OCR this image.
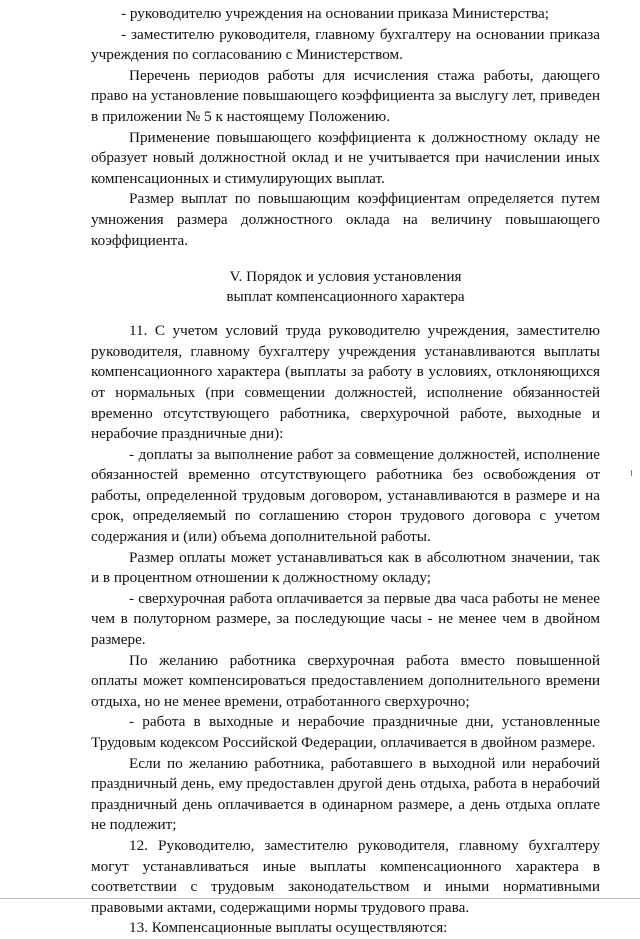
- руководителю учреждения на основании приказа Министерства;

- заместителю руководителя, главному бухгалтеру на основании приказа учреждения по согласованию с Министерством.

Перечень периодов работы для исчисления стажа работы, дающего право на установление повышающего коэффициента за выслугу лет, приведен в приложении № 5 к настоящему Положению.

Применение повышающего коэффициента к должностному окладу не образует новый должностной оклад и не учитывается при начислении иных компенсационных и стимулирующих выплат.

Размер выплат по повышающим коэффициентам определяется путем умножения размера должностного оклада на величину повышающего коэффициента.

V. Порядок и условия установления
выплат компенсационного характера

11. С учетом условий труда руководителю учреждения, заместителю руководителя, главному бухгалтеру учреждения устанавливаются выплаты компенсационного характера (выплаты за работу в условиях, отклоняющихся от нормальных (при совмещении должностей, исполнение обязанностей временно отсутствующего работника, сверхурочной работе, выходные и нерабочие праздничные дни):

- доплаты за выполнение работ за совмещение должностей, исполнение обязанностей временно отсутствующего работника без освобождения от работы, определенной трудовым договором, устанавливаются в размере и на срок, определяемый по соглашению сторон трудового договора с учетом содержания и (или) объема дополнительной работы.

Размер оплаты может устанавливаться как в абсолютном значении, так и в процентном отношении к должностному окладу;

- сверхурочная работа оплачивается за первые два часа работы не менее чем в полуторном размере, за последующие часы - не менее чем в двойном размере.

По желанию работника сверхурочная работа вместо повышенной оплаты может компенсироваться предоставлением дополнительного времени отдыха, но не менее времени, отработанного сверхурочно;

- работа в выходные и нерабочие праздничные дни, установленные Трудовым кодексом Российской Федерации, оплачивается в двойном размере.

Если по желанию работника, работавшего в выходной или нерабочий праздничный день, ему предоставлен другой день отдыха, работа в нерабочий праздничный день оплачивается в одинарном размере, а день отдыха оплате не подлежит;

12. Руководителю, заместителю руководителя, главному бухгалтеру могут устанавливаться иные выплаты компенсационного характера в соответствии с трудовым законодательством и иными нормативными правовыми актами, содержащими нормы трудового права.

13. Компенсационные выплаты осуществляются:
